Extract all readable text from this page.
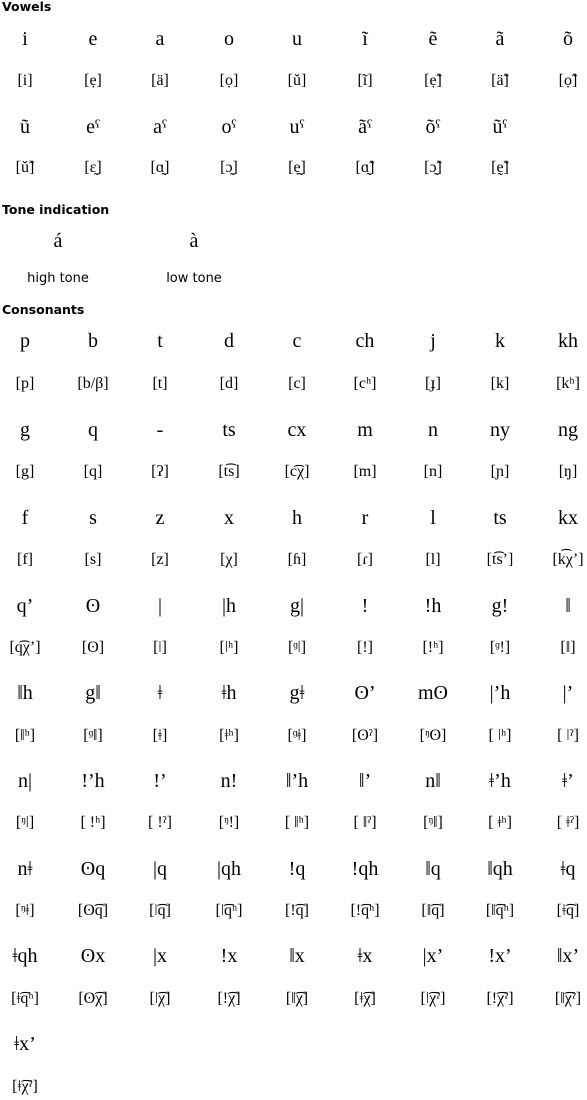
Vowels
i	e	a	o	u	ĩ	ẽ	ã	õ
[i]	[ẹ]	[ä]	[ọ]	[ǔ]	[ĩ]	[ẹ̃]	[ä̃]	[ọ̃]
ũ	eˤ	aˤ	oˤ	uˤ	ãˤ	õˤ	ũˤ
[ǔ̃]	[ɛ̰]	[ɑ̰]	[ɔ̰]	[ẹ̰]	[ɑ̰̃]	[ɔ̰̃]	[ḛ̃]
Tone indication
á	à
high tone	low tone
Consonants
p	b	t	d	c	ch	j	k	kh
[p]	[b/β]	[t]	[d]	[c]	[cʰ]	[ɟ]	[k]	[kʰ]
g	q	-	ts	cx	m	n	ny	ng
[g]	[q]	[ʔ]	[t͡s]	[c͡χ]	[m]	[n]	[ɲ]	[ŋ]
f	s	z	x	h	r	l	ts	kx
[f]	[s]	[z]	[χ]	[ɦ]	[ɾ]	[l]	[t͡s’]	[k͡χ’]
q’	ʘ	|	|h	g|	!	!h	g!	‖
[q͡χ’]	[ʘ]	[ǀ]	[ǀʰ]	[ᶢǀ]	[ǃ]	[ǃʰ]	[ᶢǃ]	[ǁ]
‖h	g‖	ǂ	ǂh	gǂ	ʘ’	mʘ	|’h	|’
[ǁʰ]	[ᶢǁ]	[ǂ]	[ǂʰ]	[ᶢǂ]	[ʘˀ]	[ᵑʘ]	[ ǀʰ]	[ ǀˀ]
n|	!’h	!’	n!	‖’h	‖’	n‖	ǂ’h	ǂ’
[ᵑǀ]	[ ǃʰ]	[ ǃˀ]	[ᵑǃ]	[ ǁʰ]	[ ǁˀ]	[ᵑǁ]	[ ǂʰ]	[ ǂˀ]
nǂ	ʘq	|q	|qh	!q	!qh	‖q	‖qh	ǂq
[ᵑǂ]	[ʘ͡q]	[ǀ͡q]	[ǀ͡qʰ]	[ǃ͡q]	[ǃ͡qʰ]	[ǁ͡q]	[ǁ͡qʰ]	[ǂ͡q]
ǂqh	ʘx	|x	!x	‖x	ǂx	|x’	!x’	‖x’
[ǂ͡qʰ]	[ʘ͡χ]	[ǀ͡χ]	[ǃ͡χ]	[ǁ͡χ]	[ǂ͡χ]	[ǀ͡χˀ]	[ǃ͡χˀ]	[ǁ͡χˀ]
ǂx’
[ǂ͡χˀ]
